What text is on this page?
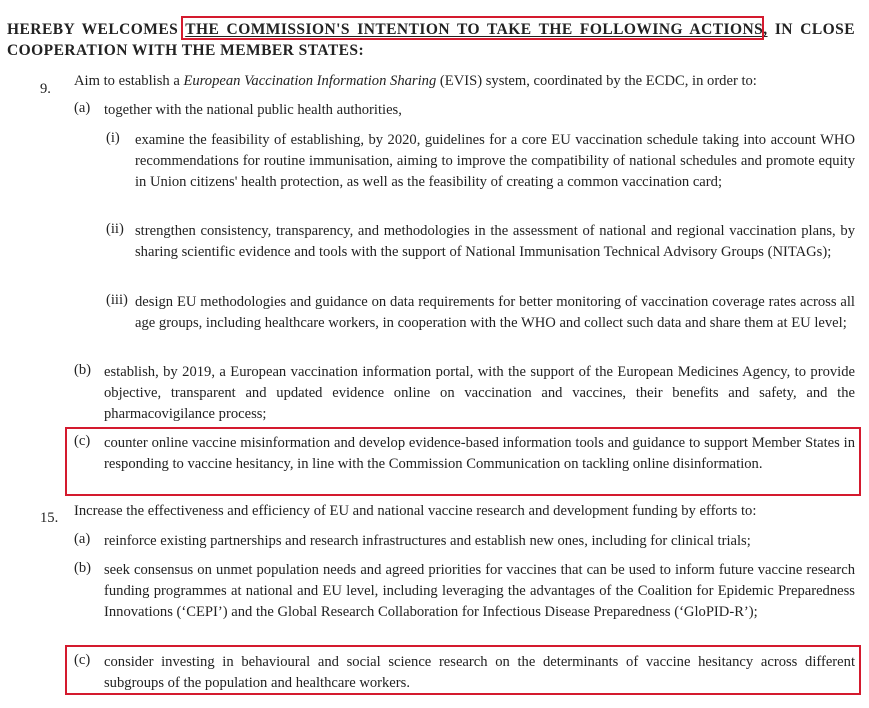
HEREBY WELCOMES THE COMMISSION'S INTENTION TO TAKE THE FOLLOWING ACTIONS, IN CLOSE
COOPERATION WITH THE MEMBER STATES:
9. Aim to establish a European Vaccination Information Sharing (EVIS) system, coordinated by the ECDC, in order to:
(a) together with the national public health authorities,
(i) examine the feasibility of establishing, by 2020, guidelines for a core EU vaccination schedule taking into account WHO recommendations for routine immunisation, aiming to improve the compatibility of national schedules and promote equity in Union citizens' health protection, as well as the feasibility of creating a common vaccination card;
(ii) strengthen consistency, transparency, and methodologies in the assessment of national and regional vaccination plans, by sharing scientific evidence and tools with the support of National Immunisation Technical Advisory Groups (NITAGs);
(iii) design EU methodologies and guidance on data requirements for better monitoring of vaccination coverage rates across all age groups, including healthcare workers, in cooperation with the WHO and collect such data and share them at EU level;
(b) establish, by 2019, a European vaccination information portal, with the support of the European Medicines Agency, to provide objective, transparent and updated evidence online on vaccination and vaccines, their benefits and safety, and the pharmacovigilance process;
(c) counter online vaccine misinformation and develop evidence-based information tools and guidance to support Member States in responding to vaccine hesitancy, in line with the Commission Communication on tackling online disinformation.
15. Increase the effectiveness and efficiency of EU and national vaccine research and development funding by efforts to:
(a) reinforce existing partnerships and research infrastructures and establish new ones, including for clinical trials;
(b) seek consensus on unmet population needs and agreed priorities for vaccines that can be used to inform future vaccine research funding programmes at national and EU level, including leveraging the advantages of the Coalition for Epidemic Preparedness Innovations (‘CEPI’) and the Global Research Collaboration for Infectious Disease Preparedness (‘GloPID-R’);
(c) consider investing in behavioural and social science research on the determinants of vaccine hesitancy across different subgroups of the population and healthcare workers.
